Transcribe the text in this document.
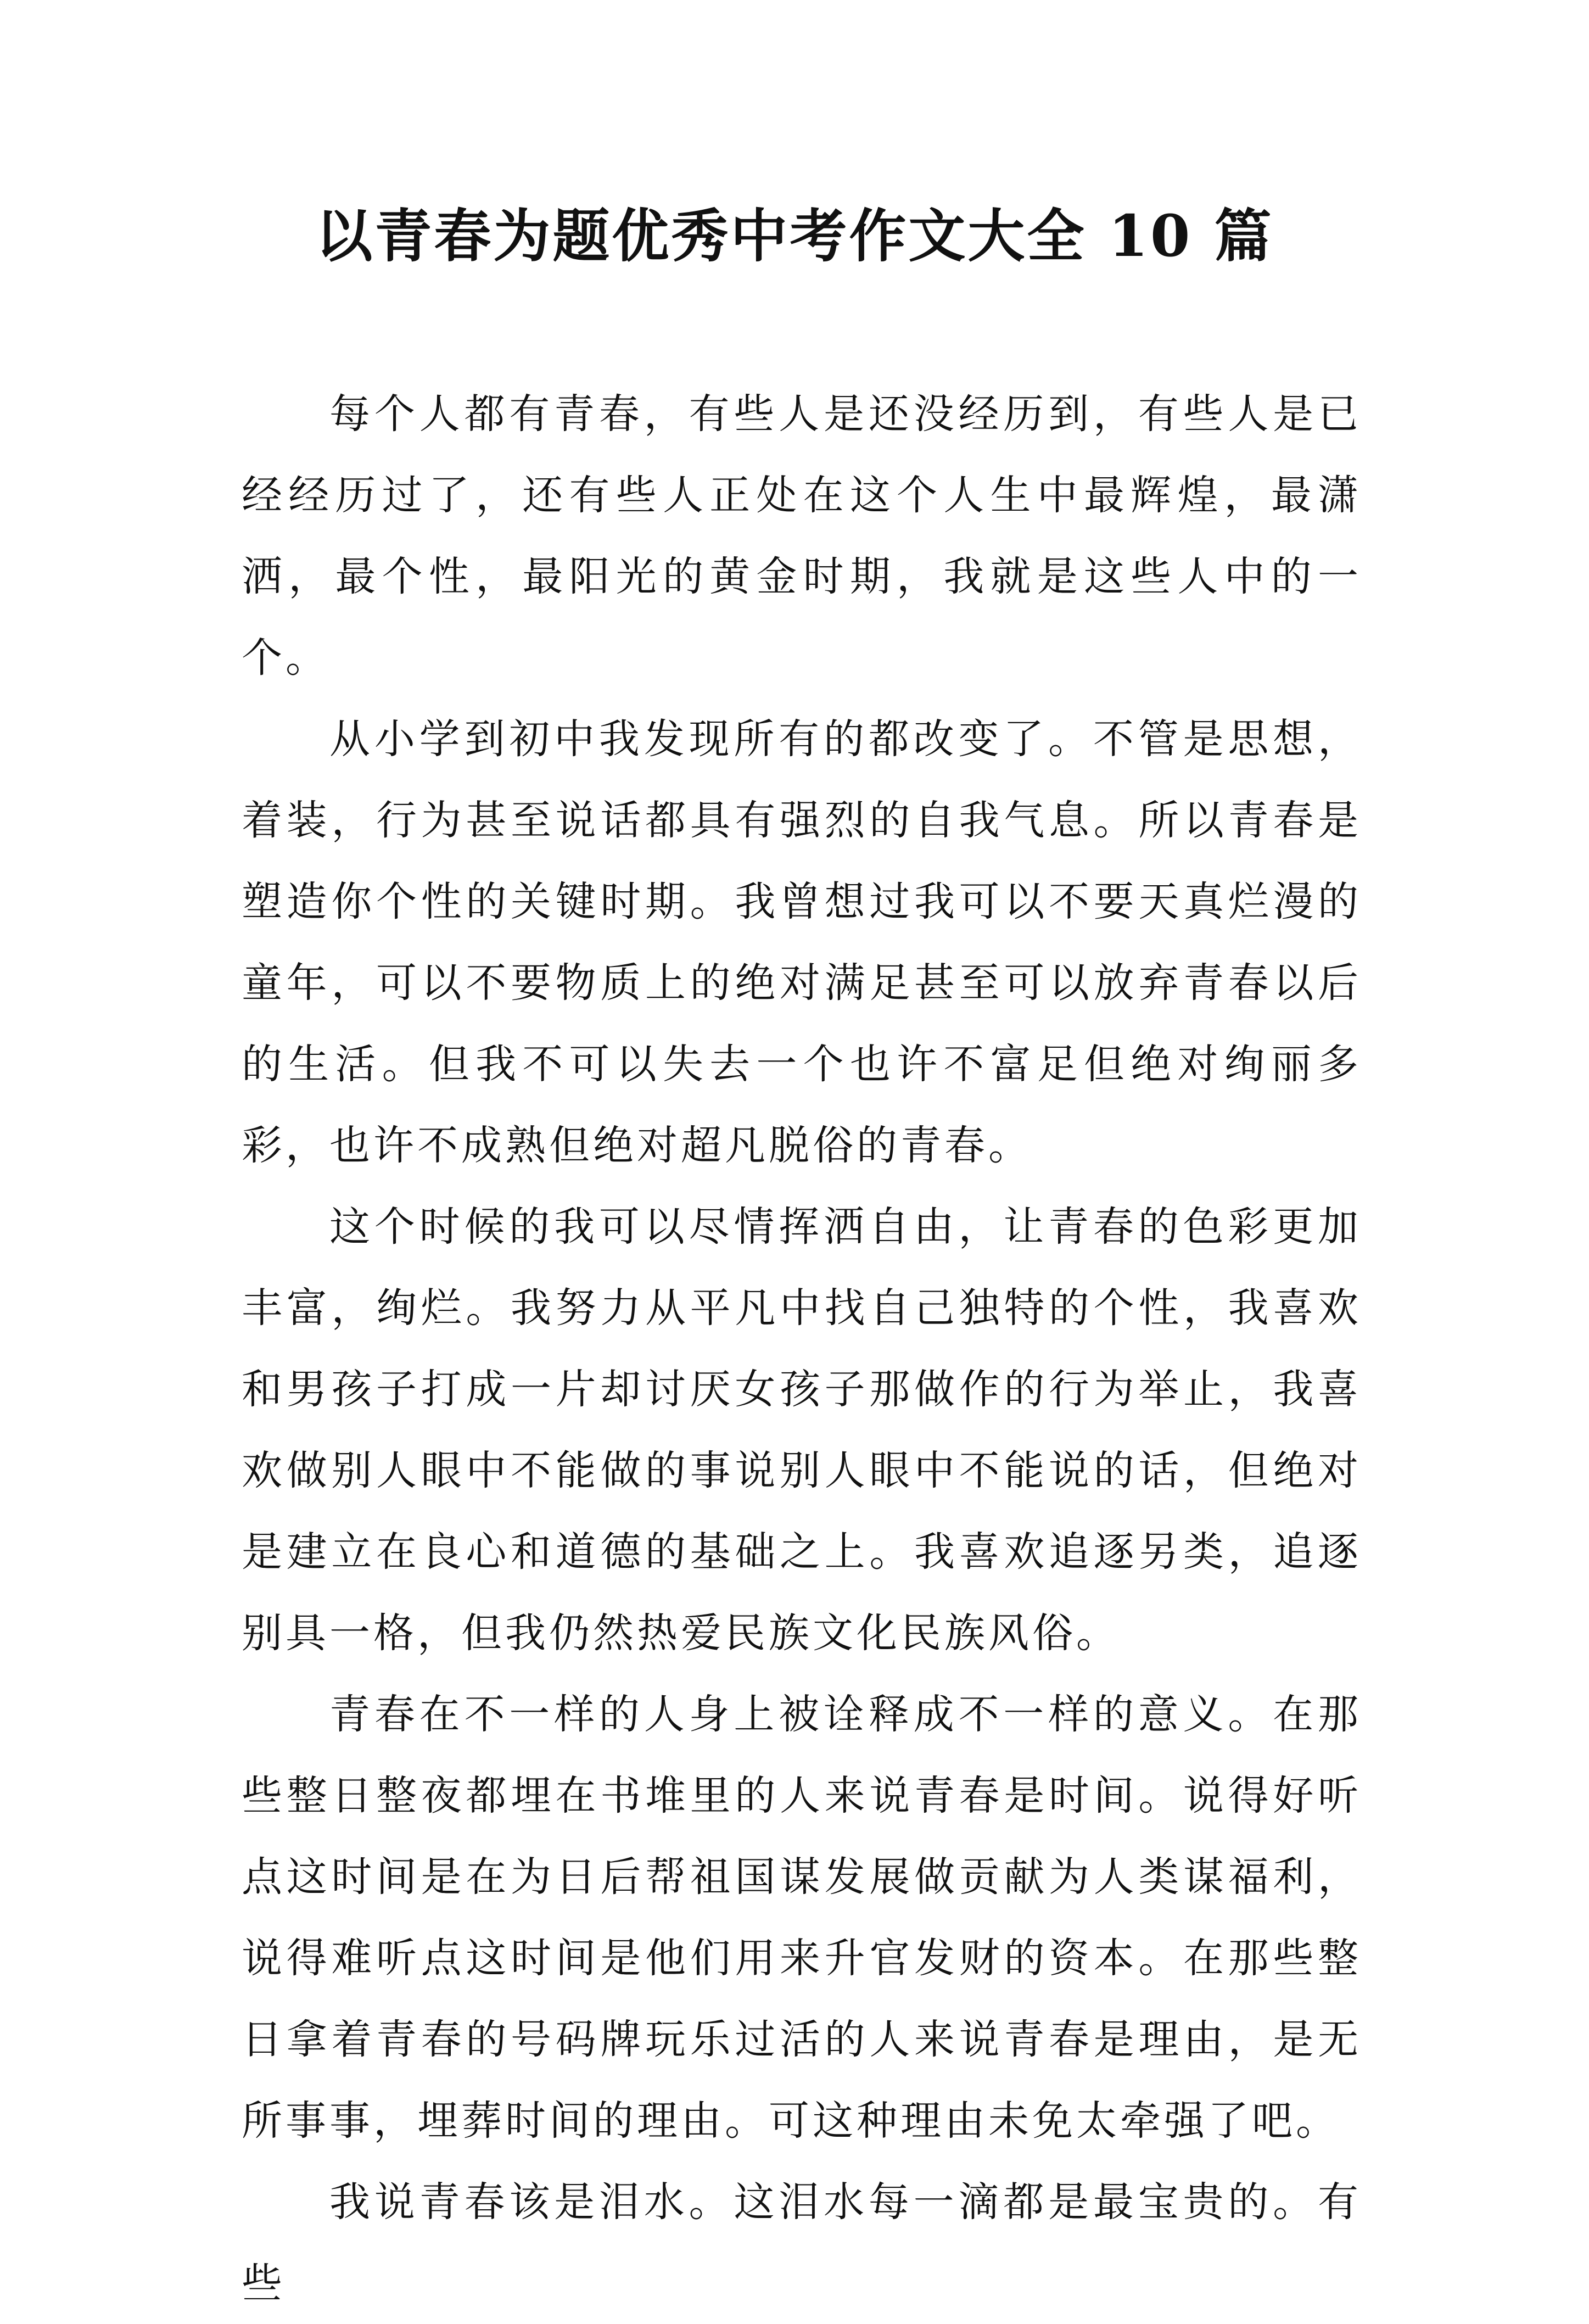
以青春为题优秀中考作文大全 10 篇

每个人都有青春，有些人是还没经历到，有些人是已经经历过了，还有些人正处在这个人生中最辉煌，最潇洒，最个性，最阳光的黄金时期，我就是这些人中的一个。

从小学到初中我发现所有的都改变了。不管是思想，着装，行为甚至说话都具有强烈的自我气息。所以青春是塑造你个性的关键时期。我曾想过我可以不要天真烂漫的童年，可以不要物质上的绝对满足甚至可以放弃青春以后的生活。但我不可以失去一个也许不富足但绝对绚丽多彩，也许不成熟但绝对超凡脱俗的青春。

这个时候的我可以尽情挥洒自由，让青春的色彩更加丰富，绚烂。我努力从平凡中找自己独特的个性，我喜欢和男孩子打成一片却讨厌女孩子那做作的行为举止，我喜欢做别人眼中不能做的事说别人眼中不能说的话，但绝对是建立在良心和道德的基础之上。我喜欢追逐另类，追逐别具一格，但我仍然热爱民族文化民族风俗。

青春在不一样的人身上被诠释成不一样的意义。在那些整日整夜都埋在书堆里的人来说青春是时间。说得好听点这时间是在为日后帮祖国谋发展做贡献为人类谋福利，说得难听点这时间是他们用来升官发财的资本。在那些整日拿着青春的号码牌玩乐过活的人来说青春是理由，是无所事事，埋葬时间的理由。可这种理由未免太牵强了吧。

我说青春该是泪水。这泪水每一滴都是最宝贵的。有些
